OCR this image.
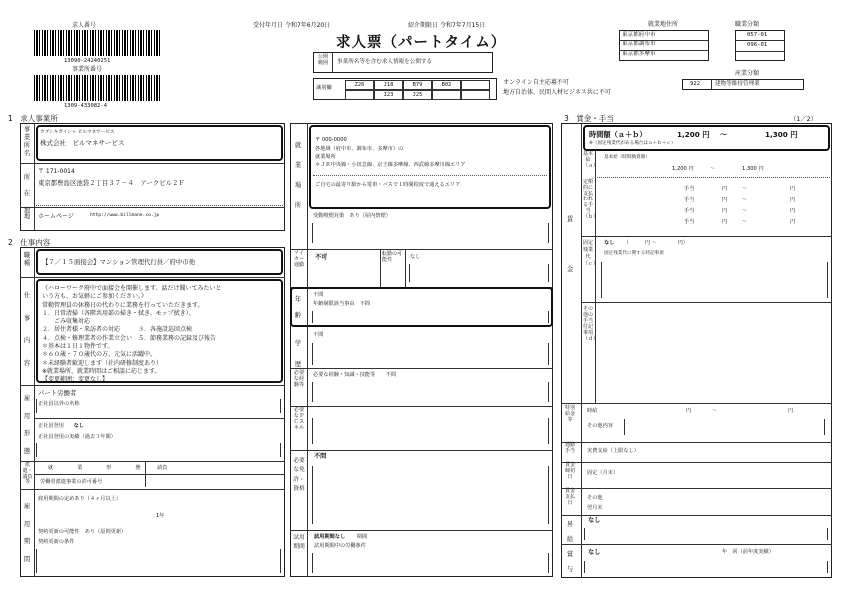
求人番号
13090-24240251
事業所番号
1309-433082-4
受付年月日 令和7年6月20日	紹介期限日 令和7年7月15日
求人票（パートタイム）
公開範囲	事業所名等を含む求人情報を公開する
識別欄	Z26	J18	B79	B02
I23	J25
オンライン自主応募不可
地方自治体、民間人材ビジネス共に不可
就業地住所
東京都府中市
東京都調布市
東京都多摩市
職業分類
057-01
096-01
産業分類
922	建物等維持管理業
1　求人事業所
事業所名
カブシキガイシャ ビルマネサービス
株式会社　ビルマネサービス
所在地
〒 171-0014
東京都豊島区池袋２丁目３７－４　アークビル２Ｆ
地	ホームページ	http://www.billmane.co.jp
2　仕事内容
職種	【７／１５面接会】マンション管理代行員／府中市他
仕事内容
《ハローワーク府中で面接会を開催します。話だけ聞いてみたいと
いう方も、お気軽にご参加ください。》
常勤管理員の休務日の代わりに業務を行っていただきます。
１．日常清掃（各階共用部の掃き・拭き、モップ拭き）、
　　ごみ収集対応
２．居住者様・来訪者の対応　　　３．各施設巡回点検
４．点検・修理業者の作業立会い　５．節務業務の記録及び報告
＊基本は１日１物件です。
＊６０歳・７０歳代の方、元気に活躍中。
＊未経験者歓迎します（社内研修制度あり）
※就業場所、就業時間はご相談に応じます。
【変更範囲：変更なし】
雇用形態
パート労働者
正社員以外の名称
正社員登用 なし
正社員登用の実績（過去３年間）
派遣・請負等
就	業	形	態	請負
労働者派遣事業の許可番号
雇用期間
雇用期間の定めあり（４ヶ月以上）
1年
契約更新の可能性　あり（原則更新）
契約更新の条件
就業場所
〒 000-0000
各地域（府中市、調布市、多摩市）の
就業場所
＊ＪＲ中央線・小田急線、京王線多摩線、西武線多摩川線エリア
ご自宅の最寄り駅から電車・バスで１時間程度で通えるエリア
受動喫煙対策　あり（屋内禁煙）
マイカー通勤
不可	転勤の可能性	なし
年齢
不問
年齢制限該当事由　不問
学歴
不問
必要な経験等
必要な経験・知識・技能等　　不問
必要なＰＣスキル
必要な免許・資格
不問
試用期間
試用期間なし 期間
試用期間中の労働条件
3　賃金・手当	（1／2）
時間額（ａ＋ｂ）	1,200 円 ～	1,300 円
※（固定残業代がある場合はａ＋ｂ＋ｃ）
賃金
基本給（ａ）
基本給（時間換算額）
1,200 円	～	1,300 円
定額的に支払われる手当（ｂ）
手当	円	～	円
手当	円	～	円
手当	円	～	円
手当	円	～	円
固定残業代（ｃ）
なし （　　　円 ～　　　　円）
固定残業代に関する特記事項
その他の手当付記事項（ｄ）
特別給金等
時給	円	～	円
その他内容
通勤手当 実費支給（上限なし）
賃金締切日
固定（月末）
賃金支払日
その他
翌月末
昇給
なし
賞与
なし	年　回（前年度実績）
